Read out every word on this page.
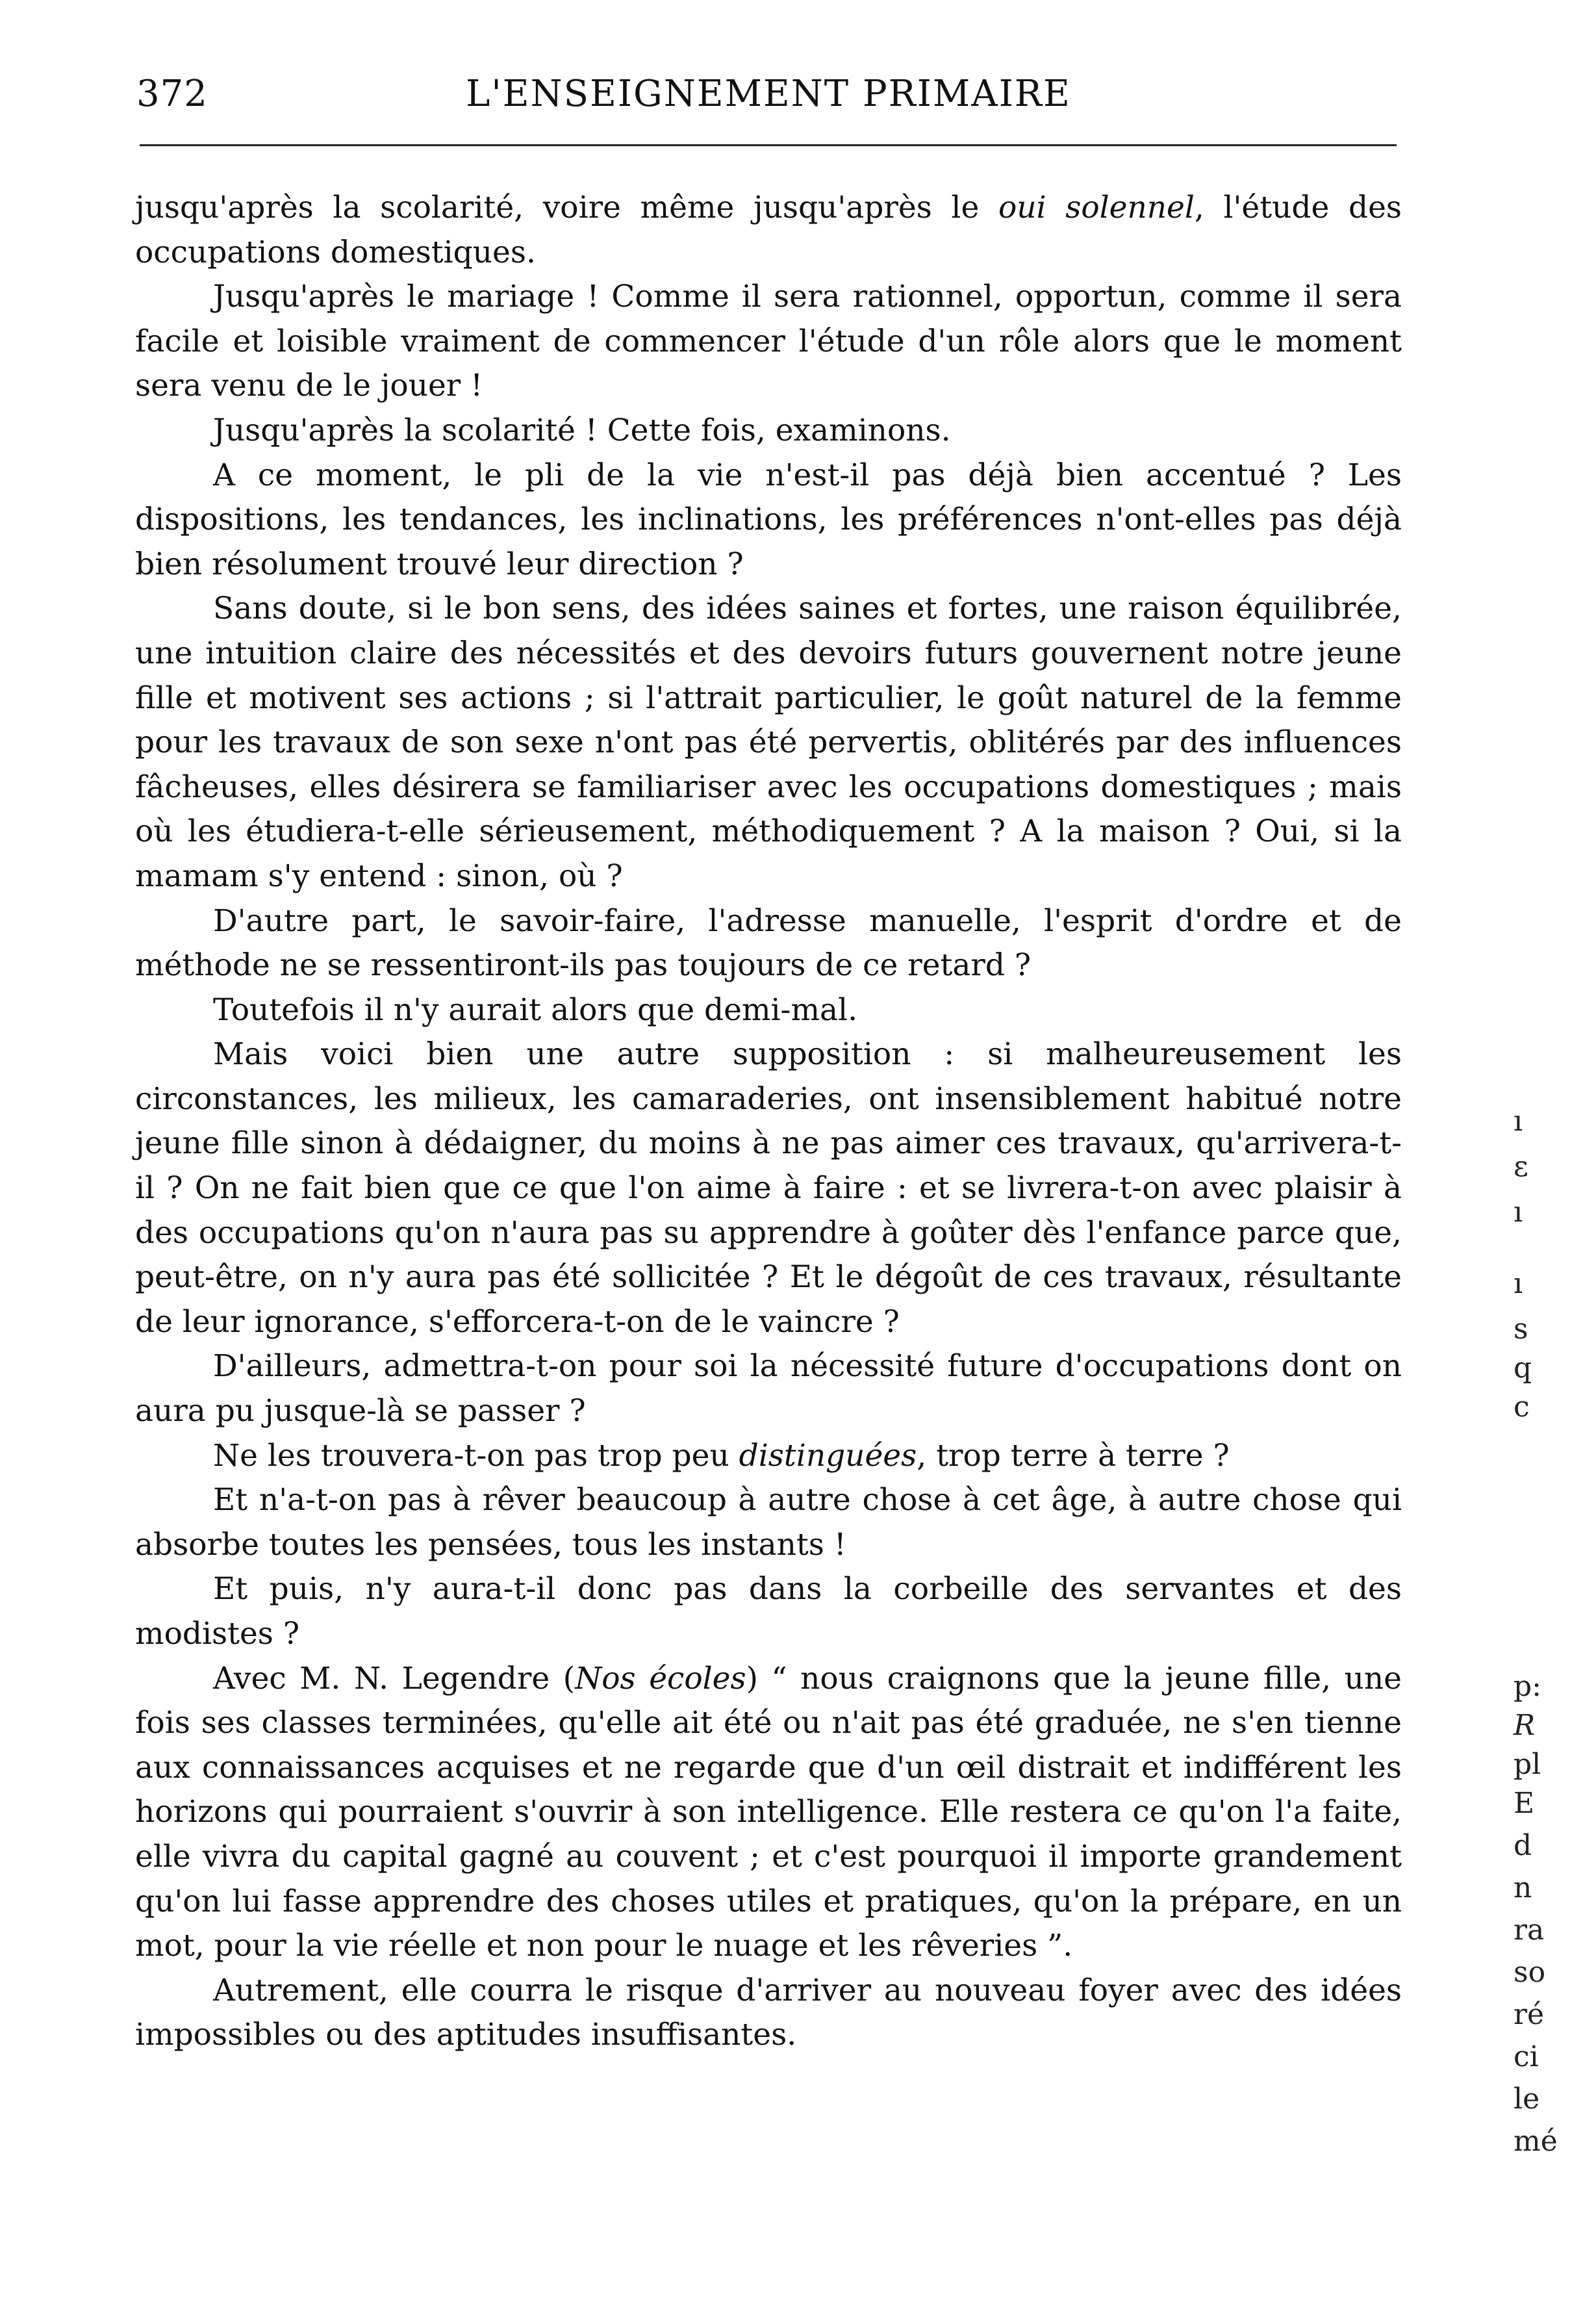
372	L'ENSEIGNEMENT PRIMAIRE

jusqu'après la scolarité, voire même jusqu'après le oui solennel, l'étude des occupations domestiques.

Jusqu'après le mariage ! Comme il sera rationnel, opportun, comme il sera facile et loisible vraiment de commencer l'étude d'un rôle alors que le moment sera venu de le jouer !

Jusqu'après la scolarité ! Cette fois, examinons.

A ce moment, le pli de la vie n'est-il pas déjà bien accentué ? Les dispositions, les tendances, les inclinations, les préférences n'ont-elles pas déjà bien résolument trouvé leur direction ?

Sans doute, si le bon sens, des idées saines et fortes, une raison équilibrée, une intuition claire des nécessités et des devoirs futurs gouvernent notre jeune fille et motivent ses actions ; si l'attrait particulier, le goût naturel de la femme pour les travaux de son sexe n'ont pas été pervertis, oblitérés par des influences fâcheuses, elles désirera se familiariser avec les occupations domestiques ; mais où les étudiera-t-elle sérieusement, méthodiquement ? A la maison ? Oui, si la mamam s'y entend : sinon, où ?

D'autre part, le savoir-faire, l'adresse manuelle, l'esprit d'ordre et de méthode ne se ressentiront-ils pas toujours de ce retard ?

Toutefois il n'y aurait alors que demi-mal.

Mais voici bien une autre supposition : si malheureusement les circonstances, les milieux, les camaraderies, ont insensiblement habitué notre jeune fille sinon à dédaigner, du moins à ne pas aimer ces travaux, qu'arrivera-t-il ? On ne fait bien que ce que l'on aime à faire : et se livrera-t-on avec plaisir à des occupations qu'on n'aura pas su apprendre à goûter dès l'enfance parce que, peut-être, on n'y aura pas été sollicitée ? Et le dégoût de ces travaux, résultante de leur ignorance, s'efforcera-t-on de le vaincre ?

D'ailleurs, admettra-t-on pour soi la nécessité future d'occupations dont on aura pu jusque-là se passer ?

Ne les trouvera-t-on pas trop peu distinguées, trop terre à terre ?

Et n'a-t-on pas à rêver beaucoup à autre chose à cet âge, à autre chose qui absorbe toutes les pensées, tous les instants !

Et puis, n'y aura-t-il donc pas dans la corbeille des servantes et des modistes ?

Avec M. N. Legendre (Nos écoles) “ nous craignons que la jeune fille, une fois ses classes terminées, qu'elle ait été ou n'ait pas été graduée, ne s'en tienne aux connaissances acquises et ne regarde que d'un œil distrait et indifférent les horizons qui pourraient s'ouvrir à son intelligence. Elle restera ce qu'on l'a faite, elle vivra du capital gagné au couvent ; et c'est pourquoi il importe grandement qu'on lui fasse apprendre des choses utiles et pratiques, qu'on la prépare, en un mot, pour la vie réelle et non pour le nuage et les rêveries ”.

Autrement, elle courra le risque d'arriver au nouveau foyer avec des idées impossibles ou des aptitudes insuffisantes.

ı
ɛ
ı
ı
s
q
c
p:
R
pl
E
d
n
ra
so
ré
ci
le
mé
